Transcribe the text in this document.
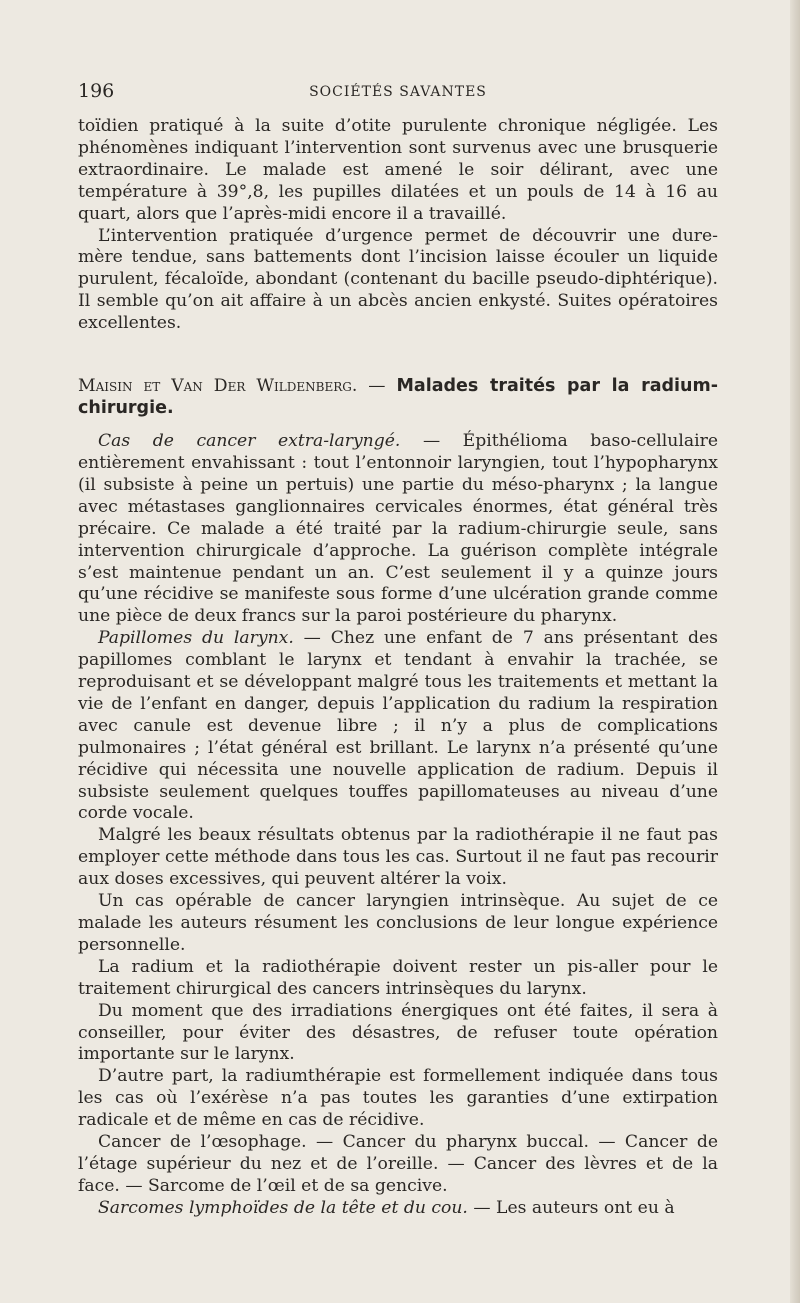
196	SOCIÉTÉS SAVANTES

toïdien pratiqué à la suite d’otite purulente chronique négligée. Les phénomènes indiquant l’intervention sont survenus avec une brusquerie extraordinaire. Le malade est amené le soir délirant, avec une température à 39°,8, les pupilles dilatées et un pouls de 14 à 16 au quart, alors que l’après-midi encore il a travaillé.

L’intervention pratiquée d’urgence permet de découvrir une dure-mère tendue, sans battements dont l’incision laisse écouler un liquide purulent, fécaloïde, abondant (contenant du bacille pseudo-diphtérique). Il semble qu’on ait affaire à un abcès ancien enkysté. Suites opératoires excellentes.

Maisin et Van Der Wildenberg. — Malades traités par la radium-chirurgie.

Cas de cancer extra-laryngé. — Épithélioma baso-cellulaire entièrement envahissant : tout l’entonnoir laryngien, tout l’hypopharynx (il subsiste à peine un pertuis) une partie du méso-pharynx ; la langue avec métastases ganglionnaires cervicales énormes, état général très précaire. Ce malade a été traité par la radium-chirurgie seule, sans intervention chirurgicale d’approche. La guérison complète intégrale s’est maintenue pendant un an. C’est seulement il y a quinze jours qu’une récidive se manifeste sous forme d’une ulcération grande comme une pièce de deux francs sur la paroi postérieure du pharynx.

Papillomes du larynx. — Chez une enfant de 7 ans présentant des papillomes comblant le larynx et tendant à envahir la trachée, se reproduisant et se développant malgré tous les traitements et mettant la vie de l’enfant en danger, depuis l’application du radium la respiration avec canule est devenue libre ; il n’y a plus de complications pulmonaires ; l’état général est brillant. Le larynx n’a présenté qu’une récidive qui nécessita une nouvelle application de radium. Depuis il subsiste seulement quelques touffes papillomateuses au niveau d’une corde vocale.

Malgré les beaux résultats obtenus par la radiothérapie il ne faut pas employer cette méthode dans tous les cas. Surtout il ne faut pas recourir aux doses excessives, qui peuvent altérer la voix.

Un cas opérable de cancer laryngien intrinsèque. Au sujet de ce malade les auteurs résument les conclusions de leur longue expérience personnelle.

La radium et la radiothérapie doivent rester un pis-aller pour le traitement chirurgical des cancers intrinsèques du larynx.

Du moment que des irradiations énergiques ont été faites, il sera à conseiller, pour éviter des désastres, de refuser toute opération importante sur le larynx.

D’autre part, la radiumthérapie est formellement indiquée dans tous les cas où l’exérèse n’a pas toutes les garanties d’une extirpation radicale et de même en cas de récidive.

Cancer de l’œsophage. — Cancer du pharynx buccal. — Cancer de l’étage supérieur du nez et de l’oreille. — Cancer des lèvres et de la face. — Sarcome de l’œil et de sa gencive.

Sarcomes lymphoïdes de la tête et du cou. — Les auteurs ont eu à
